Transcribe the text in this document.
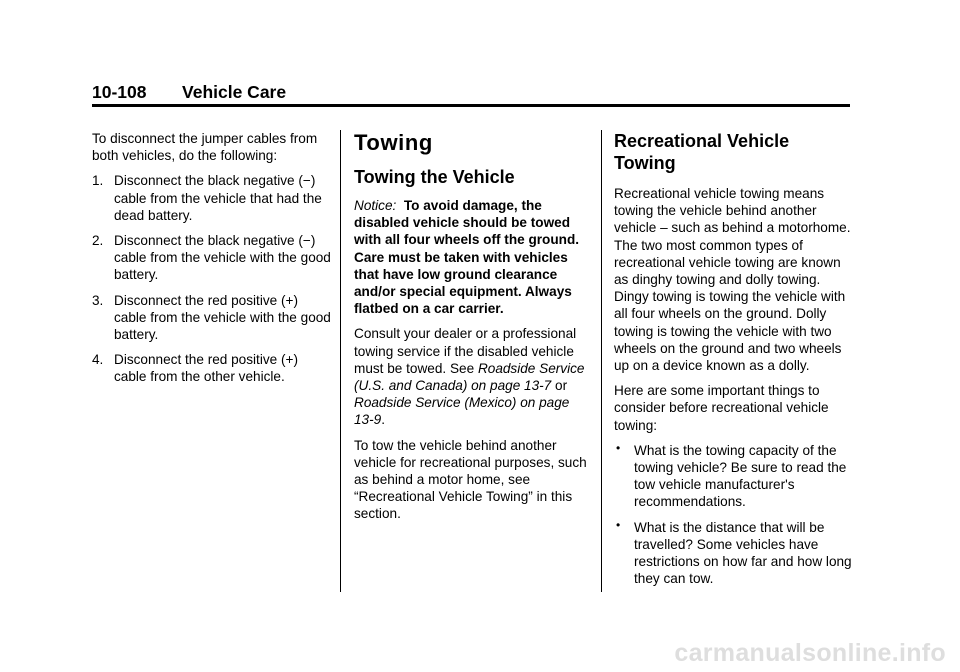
10-108 Vehicle Care

To disconnect the jumper cables from both vehicles, do the following:

1. Disconnect the black negative (−) cable from the vehicle that had the dead battery.
2. Disconnect the black negative (−) cable from the vehicle with the good battery.
3. Disconnect the red positive (+) cable from the vehicle with the good battery.
4. Disconnect the red positive (+) cable from the other vehicle.
Towing
Towing the Vehicle

Notice: To avoid damage, the disabled vehicle should be towed with all four wheels off the ground. Care must be taken with vehicles that have low ground clearance and/or special equipment. Always flatbed on a car carrier.

Consult your dealer or a professional towing service if the disabled vehicle must be towed. See Roadside Service (U.S. and Canada) on page 13-7 or Roadside Service (Mexico) on page 13-9.

To tow the vehicle behind another vehicle for recreational purposes, such as behind a motor home, see “Recreational Vehicle Towing” in this section.

Recreational Vehicle Towing

Recreational vehicle towing means towing the vehicle behind another vehicle – such as behind a motorhome. The two most common types of recreational vehicle towing are known as dinghy towing and dolly towing. Dingy towing is towing the vehicle with all four wheels on the ground. Dolly towing is towing the vehicle with two wheels on the ground and two wheels up on a device known as a dolly.

Here are some important things to consider before recreational vehicle towing:

• What is the towing capacity of the towing vehicle? Be sure to read the tow vehicle manufacturer's recommendations.
• What is the distance that will be travelled? Some vehicles have restrictions on how far and how long they can tow.
carmanualsonline.info
